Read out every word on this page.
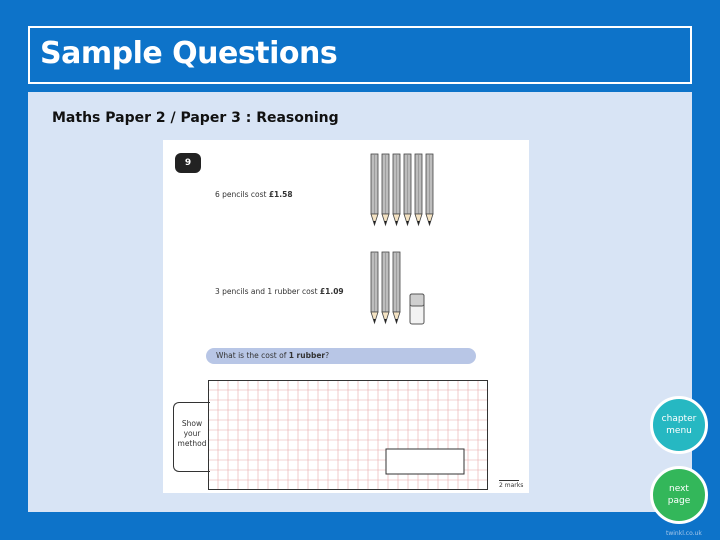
Sample Questions
Maths Paper 2 / Paper 3 : Reasoning
9
6 pencils cost £1.58
3 pencils and 1 rubber cost £1.09
What is the cost of 1 rubber?
Show
your
method
2 marks
chapter
menu
next
page
twinkl.co.uk
